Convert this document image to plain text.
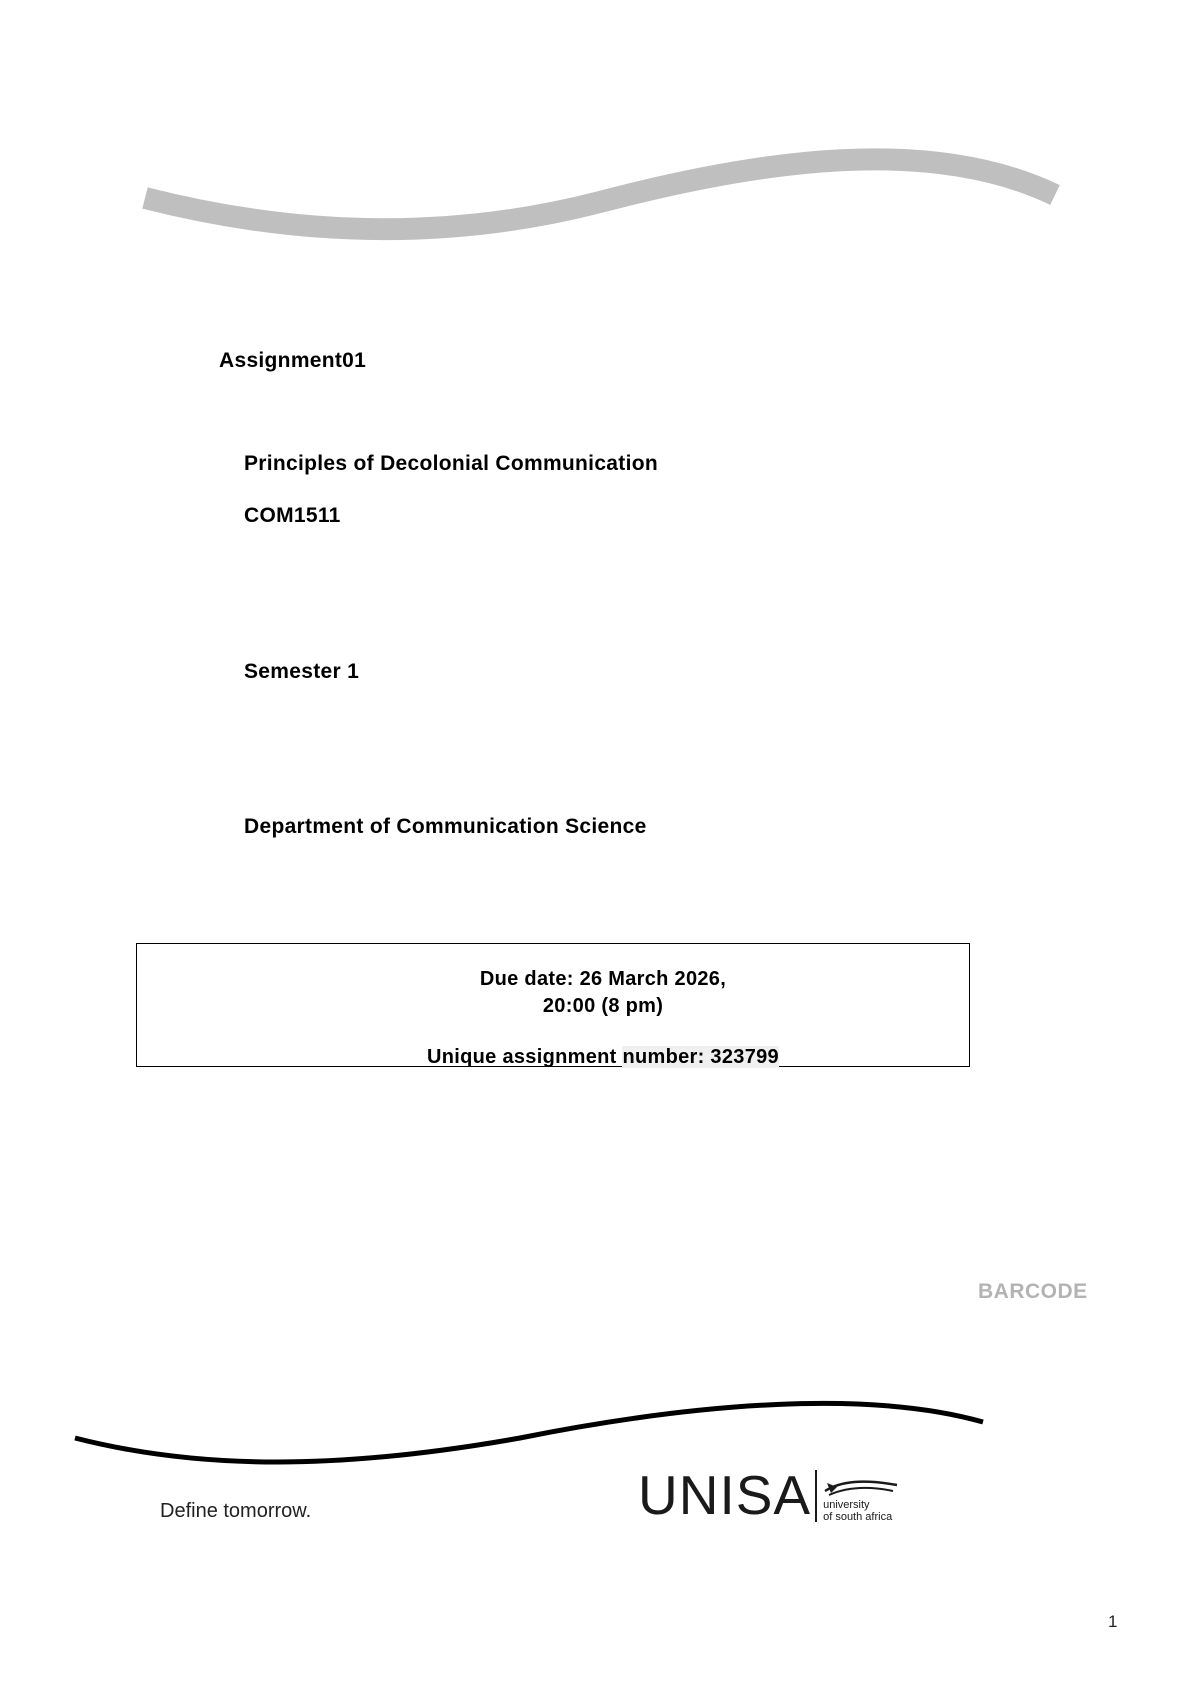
Assignment01
Principles of Decolonial Communication
COM1511
Semester 1
Department of Communication Science
Due date: 26 March 2026,
20:00 (8 pm)
Unique assignment number: 323799
BARCODE
Define tomorrow.	UNISA university
of south africa
1
